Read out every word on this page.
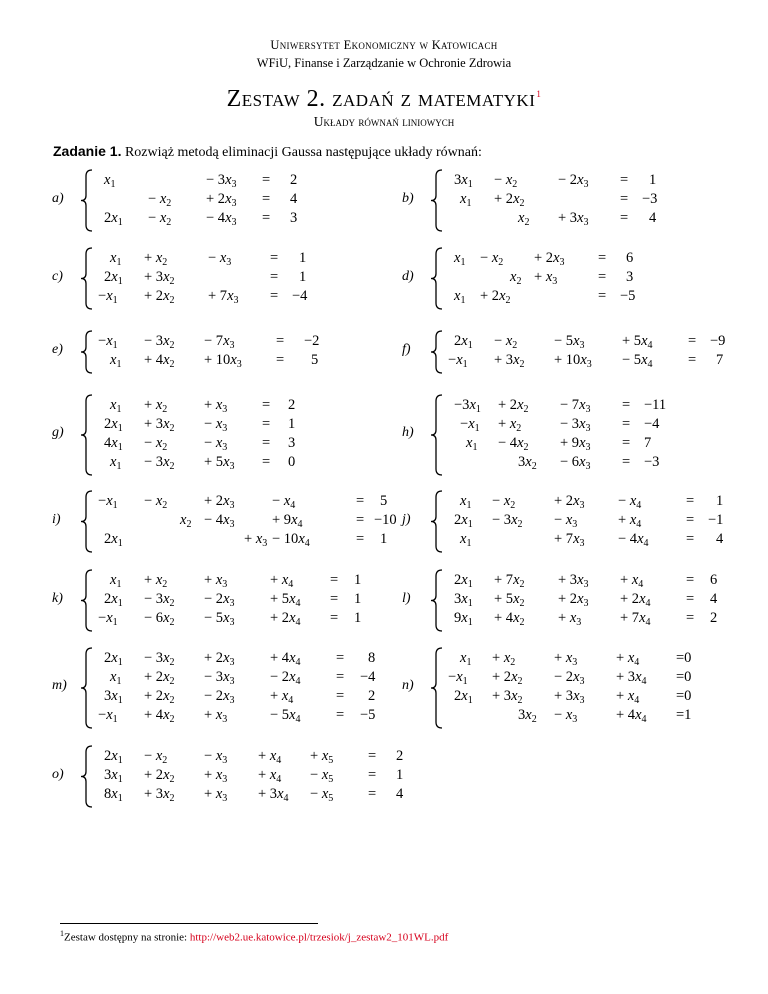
Uniwersytet Ekonomiczny w Katowicach
WFiU, Finanse i Zarządzanie w Ochronie Zdrowia
Zestaw 2. zadań z matematyki$^1$
Układy równań liniowych
Zadanie 1. Rozwiąż metodą eliminacji Gaussa następujące układy równań:
a)
$x_1$	− $3x_3 = 2$
− $x_2 + 2x_3 = 4$
$2x_1 - x_2 - 4x_3 = 3$
b)
$3x_1 - x_2$	− $2x_3 = 1$
$x_1 + 2x_2$	= −3
$x_2 + 3x_3 = 4$
c)
$x_1 + x_2$	− $x_3$	= 1
$2x_1 + 3x_2$	= 1
$-x_1 + 2x_2 + 7x_3 = -4$
d)
$x_1 - x_2 + 2x_3 = 6$
$x_2 + x_3$	= 3
$x_1 + 2x_2$	= −5
e)
$-x_1 - 3x_2 - 7x_3$	= −2
$x_1 + 4x_2 + 10x_3 = 5$
f)
$2x_1 - x_2$	− $5x_3$	+ $5x_4 = -9$
$-x_1 + 3x_2 + 10x_3 - 5x_4 = 7$
g)
$x_1 + x_2$	+ $x_3 = 2$
$2x_1 + 3x_2 - x_3 = 1$
$4x_1 - x_2$	− $x_3 = 3$
$x_1 - 3x_2 + 5x_3 = 0$
h)
$-3x_1 + 2x_2 - 7x_3 = -11$
$-x_1 + x_2$	− $3x_3 = -4$
$x_1 - 4x_2 + 9x_3 = 7$
$3x_2 - 6x_3 = -3$
i)
$-x_1 - x_2$	+ $2x_3$	− $x_4$	= 5
$x_2 - 4x_3$	+ $9x_4$	= −10
$2x_1$	+ $x_3 - 10x_4$	= 1
j)
$x_1 - x_2$	+ $2x_3 - x_4$	= 1
$2x_1 - 3x_2 - x_3$	+ $x_4$	= −1
$x_1$	+ $7x_3 - 4x_4$	= 4
k)
$x_1 + x_2$	+ $x_3$	+ $x_4$	= 1
$2x_1 - 3x_2 - 2x_3 + 5x_4 = 1$
$-x_1 - 6x_2 - 5x_3 + 2x_4 = 1$
l)
$2x_1 + 7x_2 + 3x_3 + x_4$	= 6
$3x_1 + 5x_2 + 2x_3 + 2x_4 = 4$
$9x_1 + 4x_2 + x_3$	+ $7x_4 = 2$
m)
$2x_1 - 3x_2 + 2x_3 + 4x_4 = 8$
$x_1 + 2x_2 - 3x_3 - 2x_4 = -4$
$3x_1 + 2x_2 - 2x_3 + x_4$	= 2
$-x_1 + 4x_2 + x_3$	− $5x_4 = -5$
n)
$x_1 + x_2$	+ $x_3$	+ $x_4$	=0
$-x_1 + 2x_2 - 2x_3 + 3x_4 =0$
$2x_1 + 3x_2 + 3x_3 + x_4$	=0
$3x_2 - x_3$	+ $4x_4 =1$
o)
$2x_1 - x_2$	− $x_3 + x_4 + x_5 = 2$
$3x_1 + 2x_2 + x_3 + x_4 - x_5 = 1$
$8x_1 + 3x_2 + x_3 + 3x_4 - x_5 = 4$
$^1$Zestaw dostępny na stronie: http://web2.ue.katowice.pl/trzesiok/j_zestaw2_101WL.pdf
